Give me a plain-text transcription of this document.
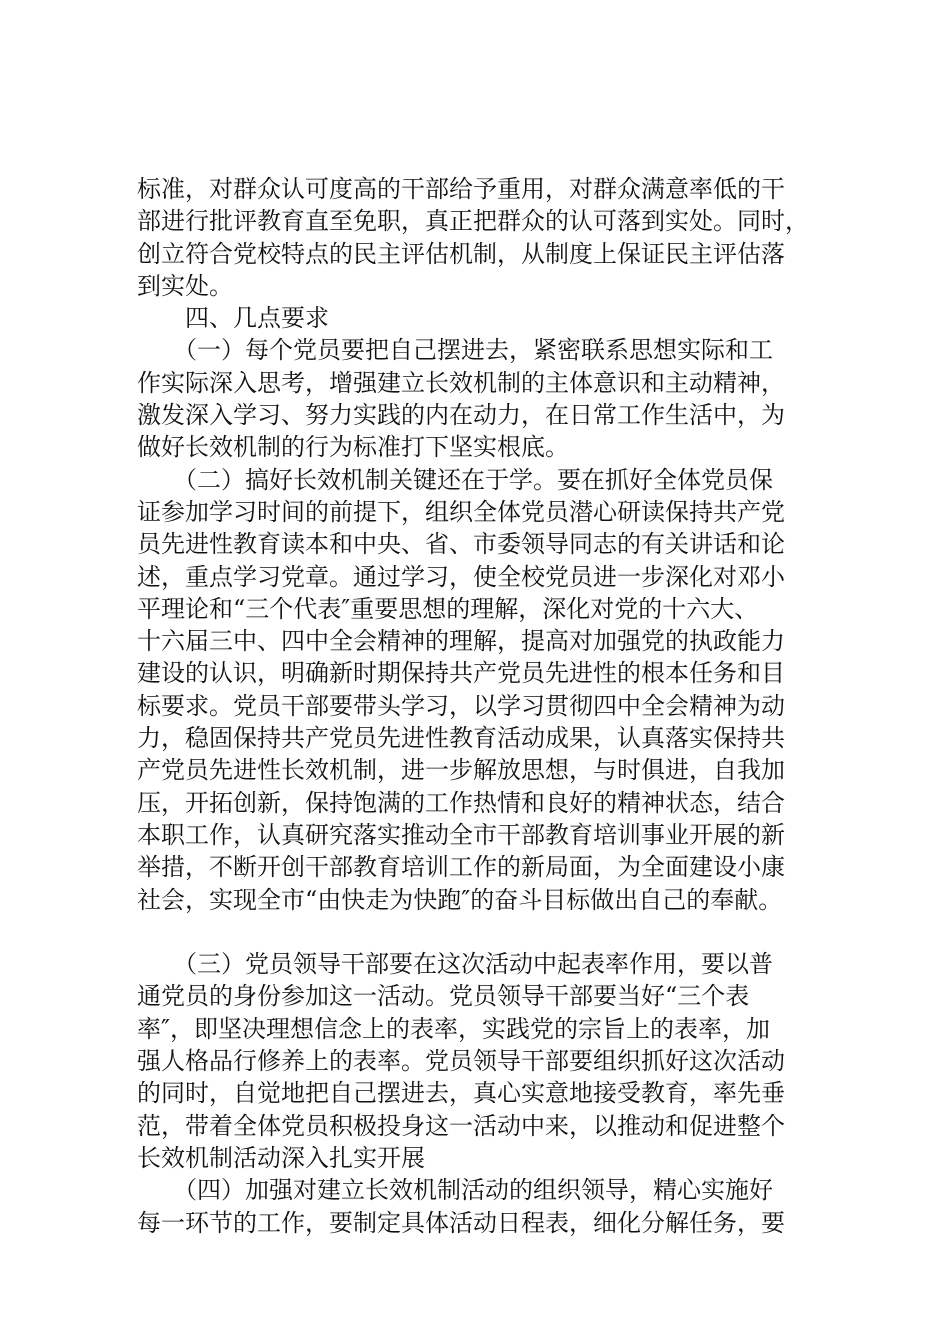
标准，对群众认可度高的干部给予重用，对群众满意率低的干
部进行批评教育直至免职，真正把群众的认可落到实处。同时，
创立符合党校特点的民主评估机制，从制度上保证民主评估落
到实处。
　　四、几点要求
　　（一）每个党员要把自己摆进去，紧密联系思想实际和工
作实际深入思考，增强建立长效机制的主体意识和主动精神，
激发深入学习、努力实践的内在动力，在日常工作生活中，为
做好长效机制的行为标准打下坚实根底。
　　（二）搞好长效机制关键还在于学。要在抓好全体党员保
证参加学习时间的前提下，组织全体党员潜心研读保持共产党
员先进性教育读本和中央、省、市委领导同志的有关讲话和论
述，重点学习党章。通过学习，使全校党员进一步深化对邓小
平理论和“三个代表″重要思想的理解，深化对党的十六大、
十六届三中、四中全会精神的理解，提高对加强党的执政能力
建设的认识，明确新时期保持共产党员先进性的根本任务和目
标要求。党员干部要带头学习，以学习贯彻四中全会精神为动
力，稳固保持共产党员先进性教育活动成果，认真落实保持共
产党员先进性长效机制，进一步解放思想，与时俱进，自我加
压，开拓创新，保持饱满的工作热情和良好的精神状态，结合
本职工作，认真研究落实推动全市干部教育培训事业开展的新
举措，不断开创干部教育培训工作的新局面，为全面建设小康
社会，实现全市“由快走为快跑″的奋斗目标做出自己的奉献。
　　（三）党员领导干部要在这次活动中起表率作用，要以普
通党员的身份参加这一活动。党员领导干部要当好“三个表
率″，即坚决理想信念上的表率，实践党的宗旨上的表率，加
强人格品行修养上的表率。党员领导干部要组织抓好这次活动
的同时，自觉地把自己摆进去，真心实意地接受教育，率先垂
范，带着全体党员积极投身这一活动中来，以推动和促进整个
长效机制活动深入扎实开展
　　（四）加强对建立长效机制活动的组织领导，精心实施好
每一环节的工作，要制定具体活动日程表，细化分解任务，要
